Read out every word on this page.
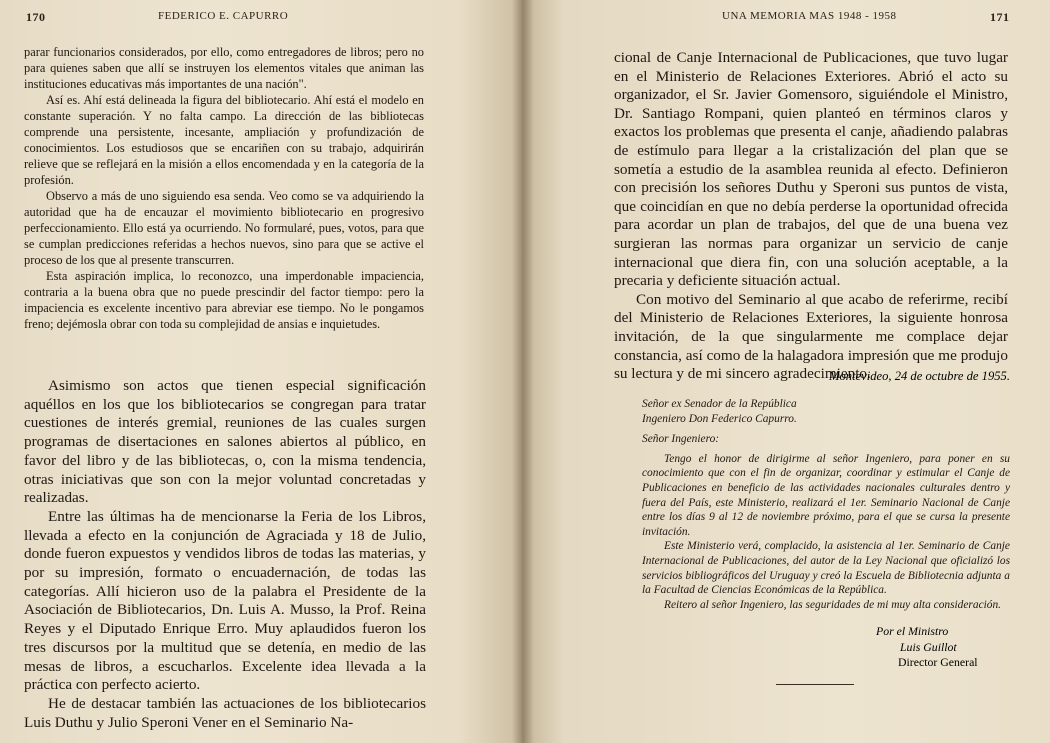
170	FEDERICO E. CAPURRO

parar funcionarios considerados, por ello, como entregadores de libros; pero no para quienes saben que allí se instruyen los elementos vitales que animan las instituciones educativas más importantes de una nación".

Así es. Ahí está delineada la figura del bibliotecario. Ahí está el modelo en constante superación. Y no falta campo. La dirección de las bibliotecas comprende una persistente, incesante, ampliación y profundización de conocimientos. Los estudiosos que se encariñen con su trabajo, adquirirán relieve que se reflejará en la misión a ellos encomendada y en la categoría de la profesión.

Observo a más de uno siguiendo esa senda. Veo como se va adquiriendo la autoridad que ha de encauzar el movimiento bibliotecario en progresivo perfeccionamiento. Ello está ya ocurriendo. No formularé, pues, votos, para que se cumplan predicciones referidas a hechos nuevos, sino para que se active el proceso de los que al presente transcurren.

Esta aspiración implica, lo reconozco, una imperdonable impaciencia, contraria a la buena obra que no puede prescindir del factor tiempo: pero la impaciencia es excelente incentivo para abreviar ese tiempo. No le pongamos freno; dejémosla obrar con toda su complejidad de ansias e inquietudes.

Asimismo son actos que tienen especial significación aquéllos en los que los bibliotecarios se congregan para tratar cuestiones de interés gremial, reuniones de las cuales surgen programas de disertaciones en salones abiertos al público, en favor del libro y de las bibliotecas, o, con la misma tendencia, otras iniciativas que son con la mejor voluntad concretadas y realizadas.

Entre las últimas ha de mencionarse la Feria de los Libros, llevada a efecto en la conjunción de Agraciada y 18 de Julio, donde fueron expuestos y vendidos libros de todas las materias, y por su impresión, formato o encuadernación, de todas las categorías. Allí hicieron uso de la palabra el Presidente de la Asociación de Bibliotecarios, Dn. Luis A. Musso, la Prof. Reina Reyes y el Diputado Enrique Erro. Muy aplaudidos fueron los tres discursos por la multitud que se detenía, en medio de las mesas de libros, a escucharlos. Excelente idea llevada a la práctica con perfecto acierto.

He de destacar también las actuaciones de los bibliotecarios Luis Duthu y Julio Speroni Vener en el Seminario Na-

UNA MEMORIA MAS 1948 - 1958	171

cional de Canje Internacional de Publicaciones, que tuvo lugar en el Ministerio de Relaciones Exteriores. Abrió el acto su organizador, el Sr. Javier Gomensoro, siguiéndole el Ministro, Dr. Santiago Rompani, quien planteó en términos claros y exactos los problemas que presenta el canje, añadiendo palabras de estímulo para llegar a la cristalización del plan que se sometía a estudio de la asamblea reunida al efecto. Definieron con precisión los señores Duthu y Speroni sus puntos de vista, que coincidían en que no debía perderse la oportunidad ofrecida para acordar un plan de trabajos, del que de una buena vez surgieran las normas para organizar un servicio de canje internacional que diera fin, con una solución aceptable, a la precaria y deficiente situación actual.

Con motivo del Seminario al que acabo de referirme, recibí del Ministerio de Relaciones Exteriores, la siguiente honrosa invitación, de la que singularmente me complace dejar constancia, así como de la halagadora impresión que me produjo su lectura y de mi sincero agradecimiento.

Montevideo, 24 de octubre de 1955.

Señor ex Senador de la República

Ingeniero Don Federico Capurro.

Señor Ingeniero:

Tengo el honor de dirigirme al señor Ingeniero, para poner en su conocimiento que con el fin de organizar, coordinar y estimular el Canje de Publicaciones en beneficio de las actividades nacionales culturales dentro y fuera del País, este Ministerio, realizará el 1er. Seminario Nacional de Canje entre los días 9 al 12 de noviembre próximo, para el que se cursa la presente invitación.

Este Ministerio verá, complacido, la asistencia al 1er. Seminario de Canje Internacional de Publicaciones, del autor de la Ley Nacional que oficializó los servicios bibliográficos del Uruguay y creó la Escuela de Bibliotecnia adjunta a la Facultad de Ciencias Económicas de la República.

Reitero al señor Ingeniero, las seguridades de mi muy alta consideración.

Por el Ministro
Luis Guillot
Director General
